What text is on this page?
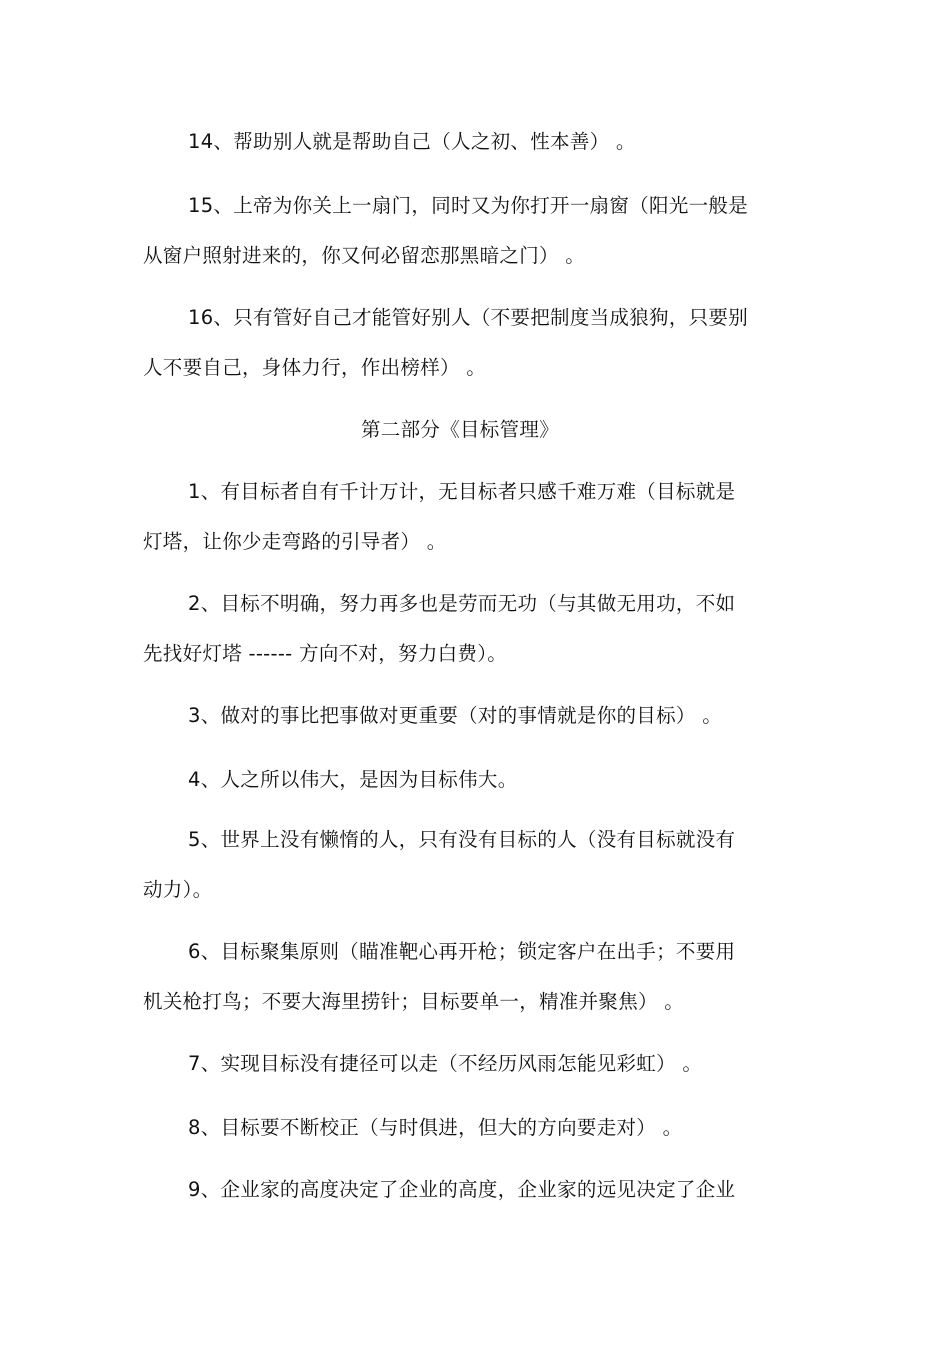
14、帮助别人就是帮助自己（人之初、性本善） 。

15、上帝为你关上一扇门，同时又为你打开一扇窗（阳光一般是

从窗户照射进来的，你又何必留恋那黑暗之门） 。

16、只有管好自己才能管好别人（不要把制度当成狼狗，只要别

人不要自己，身体力行，作出榜样） 。

第二部分《目标管理》

1、有目标者自有千计万计，无目标者只感千难万难（目标就是

灯塔，让你少走弯路的引导者） 。

2、目标不明确，努力再多也是劳而无功（与其做无用功，不如

先找好灯塔 ------ 方向不对，努力白费）。

3、做对的事比把事做对更重要（对的事情就是你的目标） 。

4、人之所以伟大，是因为目标伟大。

5、世界上没有懒惰的人，只有没有目标的人（没有目标就没有

动力）。

6、目标聚集原则（瞄准靶心再开枪；锁定客户在出手；不要用

机关枪打鸟；不要大海里捞针；目标要单一，精准并聚焦） 。

7、实现目标没有捷径可以走（不经历风雨怎能见彩虹） 。

8、目标要不断校正（与时俱进，但大的方向要走对） 。

9、企业家的高度决定了企业的高度，企业家的远见决定了企业
